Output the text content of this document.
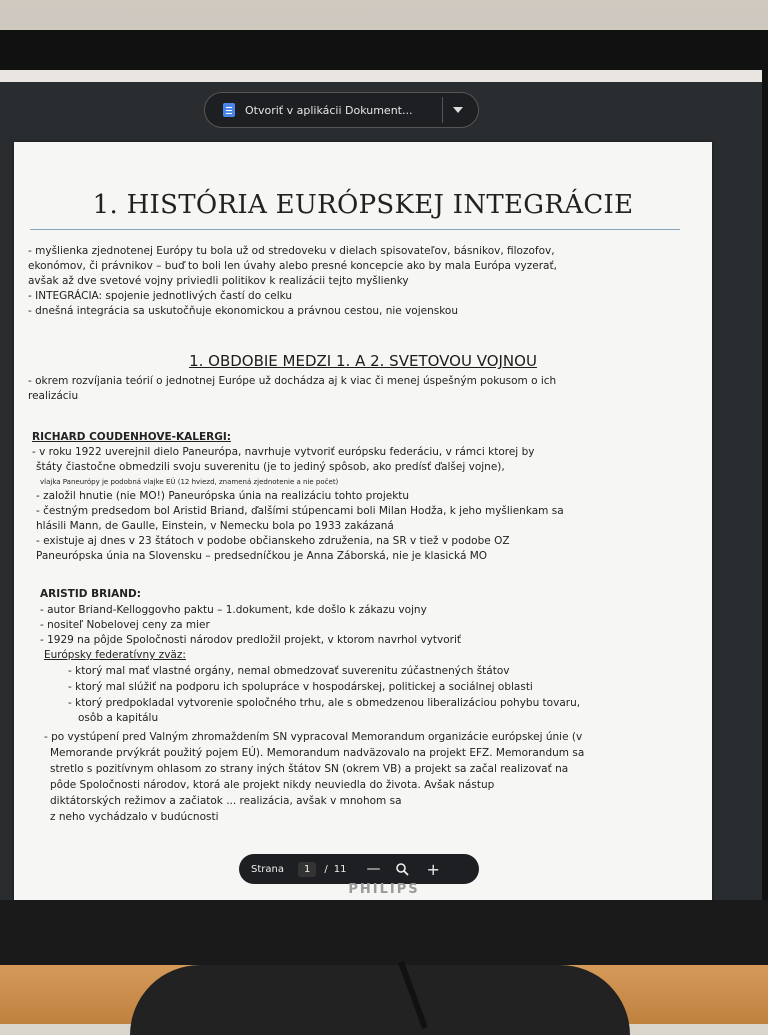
Otvoriť v aplikácii Dokument...
1. HISTÓRIA EURÓPSKEJ INTEGRÁCIE
- myšlienka zjednotenej Európy tu bola už od stredoveku v dielach spisovateľov, básnikov, filozofov,
ekonómov, či právnikov – buď to boli len úvahy alebo presné koncepcie ako by mala Európa vyzerať,
avšak až dve svetové vojny priviedli politikov k realizácii tejto myšlienky
- INTEGRÁCIA: spojenie jednotlivých častí do celku
- dnešná integrácia sa uskutočňuje ekonomickou a právnou cestou, nie vojenskou
1. OBDOBIE MEDZI 1. A 2. SVETOVOU VOJNOU
- okrem rozvíjania teórií o jednotnej Európe už dochádza aj k viac či menej úspešným pokusom o ich
realizáciu
RICHARD COUDENHOVE-KALERGI:
- v roku 1922 uverejnil dielo Paneurópa, navrhuje vytvoriť európsku federáciu, v rámci ktorej by
štáty čiastočne obmedzili svoju suverenitu (je to jediný spôsob, ako predísť ďalšej vojne),
vlajka Paneurópy je podobná vlajke EÚ (12 hviezd, znamená zjednotenie a nie počet)
- založil hnutie (nie MO!) Paneurópska únia na realizáciu tohto projektu
- čestným predsedom bol Aristid Briand, ďalšími stúpencami boli Milan Hodža, k jeho myšlienkam sa
hlásili Mann, de Gaulle, Einstein, v Nemecku bola po 1933 zakázaná
- existuje aj dnes v 23 štátoch v podobe občianskeho združenia, na SR v tiež v podobe OZ
Paneurópska únia na Slovensku – predsedníčkou je Anna Záborská, nie je klasická MO
ARISTID BRIAND:
- autor Briand-Kelloggovho paktu – 1.dokument, kde došlo k zákazu vojny
- nositeľ Nobelovej ceny za mier
- 1929 na pôjde Spoločnosti národov predložil projekt, v ktorom navrhol vytvoriť
Európsky federatívny zväz:
- ktorý mal mať vlastné orgány, nemal obmedzovať suverenitu zúčastnených štátov
- ktorý mal slúžiť na podporu ich spolupráce v hospodárskej, politickej a sociálnej oblasti
- ktorý predpokladal vytvorenie spoločného trhu, ale s obmedzenou liberalizáciou pohybu tovaru,
osôb a kapitálu
- po vystúpení pred Valným zhromaždením SN vypracoval Memorandum organizácie európskej únie (v
Memorande prvýkrát použitý pojem EÚ). Memorandum nadväzovalo na projekt EFZ. Memorandum sa
stretlo s pozitívnym ohlasom zo strany iných štátov SN (okrem VB) a projekt sa začal realizovať na
pôde Spoločnosti národov, ktorá ale projekt nikdy neuviedla do života. Avšak nástup
diktátorských režimov a začiatok ... realizácia, avšak v mnohom sa
z neho vychádzalo v budúcnosti
Strana	1	/ 11 —	+
PHILIPS
